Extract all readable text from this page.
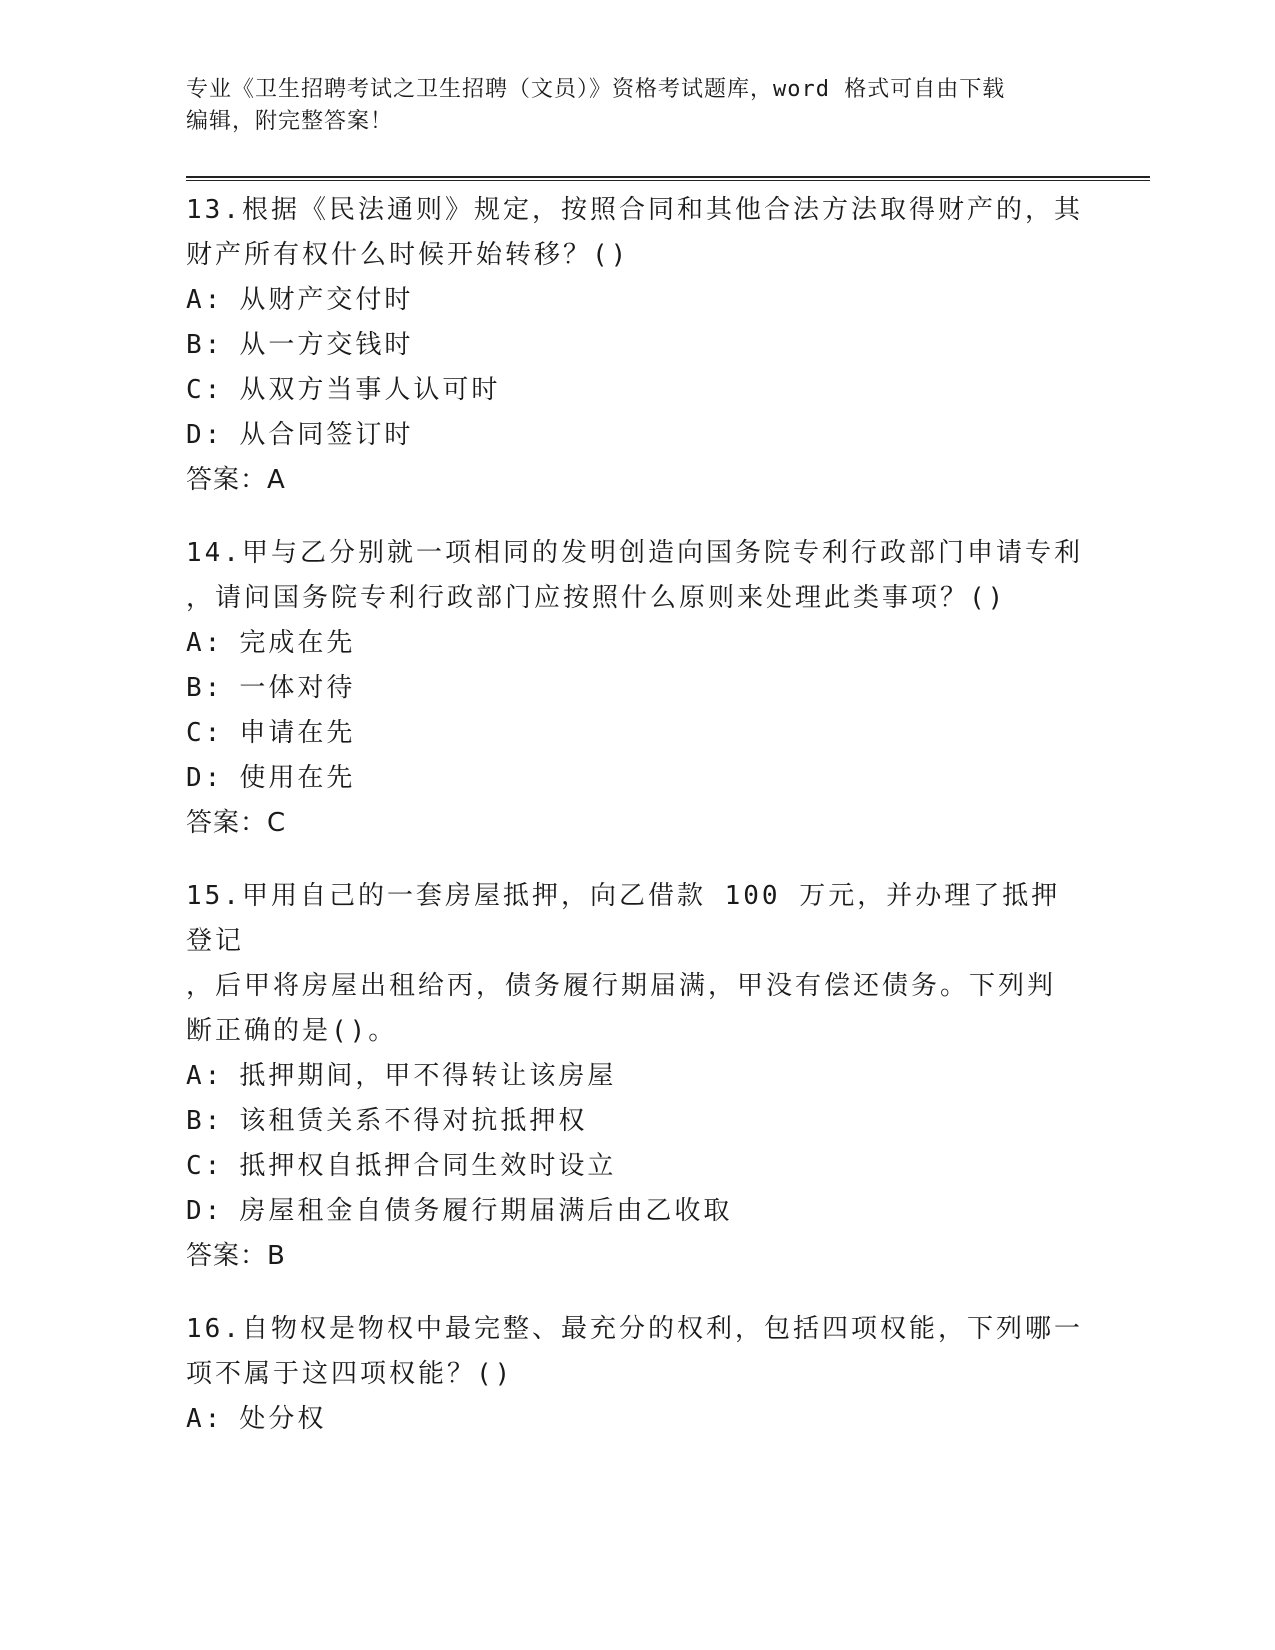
专业《卫生招聘考试之卫生招聘（文员）》资格考试题库，word 格式可自由下载
编辑，附完整答案！
13.根据《民法通则》规定，按照合同和其他合法方法取得财产的，其
财产所有权什么时候开始转移？()
A: 从财产交付时
B: 从一方交钱时
C: 从双方当事人认可时
D: 从合同签订时
答案：A
14.甲与乙分别就一项相同的发明创造向国务院专利行政部门申请专利
，请问国务院专利行政部门应按照什么原则来处理此类事项？()
A: 完成在先
B: 一体对待
C: 申请在先
D: 使用在先
答案：C
15.甲用自己的一套房屋抵押，向乙借款 100 万元，并办理了抵押登记
，后甲将房屋出租给丙，债务履行期届满，甲没有偿还债务。下列判
断正确的是()。
A: 抵押期间，甲不得转让该房屋
B: 该租赁关系不得对抗抵押权
C: 抵押权自抵押合同生效时设立
D: 房屋租金自债务履行期届满后由乙收取
答案：B
16.自物权是物权中最完整、最充分的权利，包括四项权能，下列哪一
项不属于这四项权能？()
A: 处分权
